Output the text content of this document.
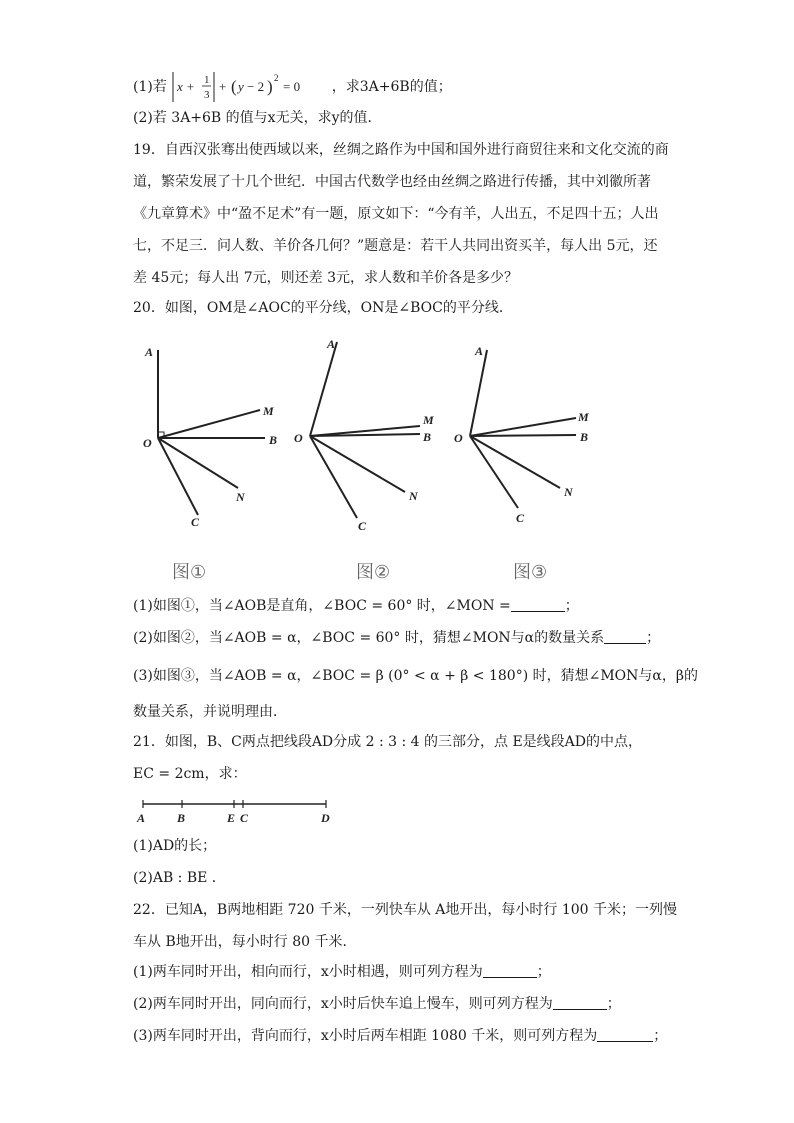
(1)若 x + 1
3
+ ( y − 2 ) 2
= 0 ，求3A+6B的值；
(2)若 3A+6B 的值与x无关，求y的值．
19．自西汉张骞出使西域以来，丝绸之路作为中国和国外进行商贸往来和文化交流的商
道，繁荣发展了十几个世纪．中国古代数学也经由丝绸之路进行传播，其中刘徽所著
《九章算术》中“盈不足术”有一题，原文如下：“今有羊，人出五，不足四十五；人出
七，不足三．问人数、羊价各几何？”题意是：若干人共同出资买羊，每人出 5元，还
差 45元；每人出 7元，则还差 3元，求人数和羊价各是多少？
20．如图，OM是∠AOC的平分线，ON是∠BOC的平分线．
A
M
O	B
N
C
A
M
O	B
N
C
A
M
O	B
N
C
图①	图②	图③
(1)如图①，当∠AOB是直角，∠BOC = 60° 时，∠MON =	；
(2)如图②，当∠AOB = α，∠BOC = 60° 时，猜想∠MON与α的数量关系	；
(3)如图③，当∠AOB = α，∠BOC = β (0° < α + β < 180°) 时，猜想∠MON与α，β的
数量关系，并说明理由．
21．如图，B、C两点把线段AD分成 2 : 3 : 4 的三部分，点 E是线段AD的中点，
EC = 2cm，求：
A	B	E C	D
(1)AD的长；
(2)AB : BE ．
22．已知A，B两地相距 720 千米，一列快车从 A地开出，每小时行 100 千米；一列慢
车从 B地开出，每小时行 80 千米．
(1)两车同时开出，相向而行，x小时相遇，则可列方程为	；
(2)两车同时开出，同向而行，x小时后快车追上慢车，则可列方程为	；
(3)两车同时开出，背向而行，x小时后两车相距 1080 千米，则可列方程为	；
